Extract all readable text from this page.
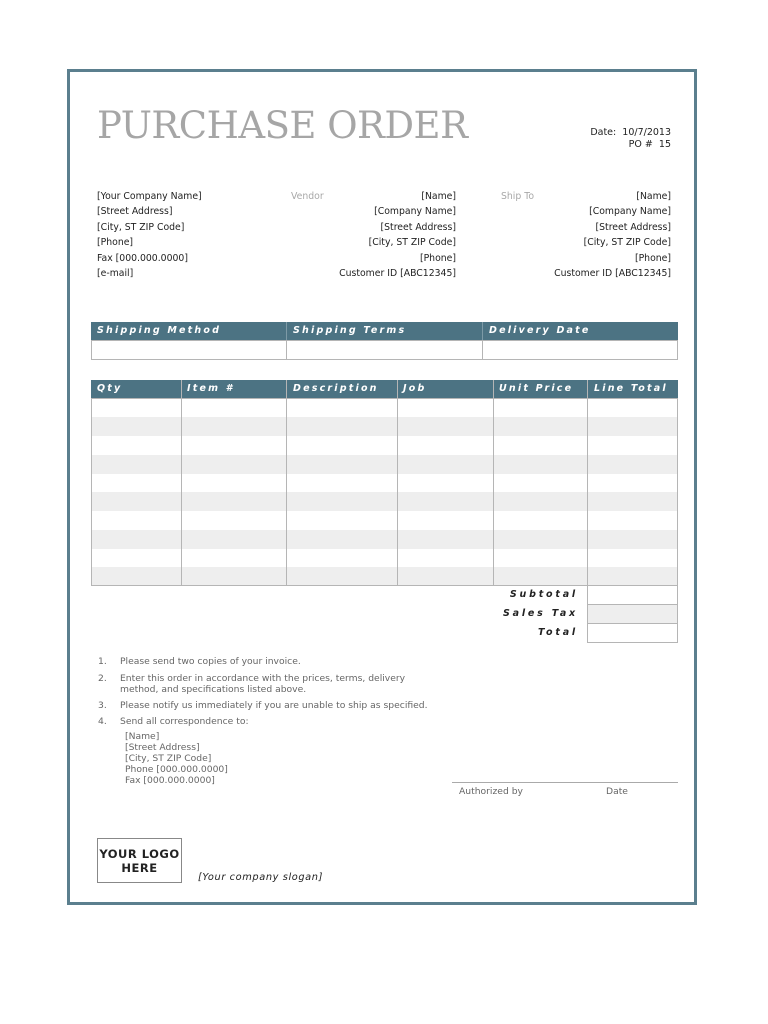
PURCHASE ORDER	Date: 10/7/2013
PO # 15
[Your Company Name]
[Street Address]
[City, ST ZIP Code]
[Phone]
Fax [000.000.0000]
[e-mail]
Vendor	[Name]
[Company Name]
[Street Address]
[City, ST ZIP Code]
[Phone]
Customer ID [ABC12345]
Ship To	[Name]
[Company Name]
[Street Address]
[City, ST ZIP Code]
[Phone]
Customer ID [ABC12345]
Shipping Method	Shipping Terms	Delivery Date
Qty	Item #	Description	Job	Unit Price	Line Total
Subtotal
Sales Tax
Total
1. Please send two copies of your invoice.
2. Enter this order in accordance with the prices, terms, delivery
method, and specifications listed above.
3. Please notify us immediately if you are unable to ship as specified.
4. Send all correspondence to:
[Name]
[Street Address]
[City, ST ZIP Code]
Phone [000.000.0000]
Fax [000.000.0000]
Authorized by	Date
YOUR LOGO
HERE
[Your company slogan]
